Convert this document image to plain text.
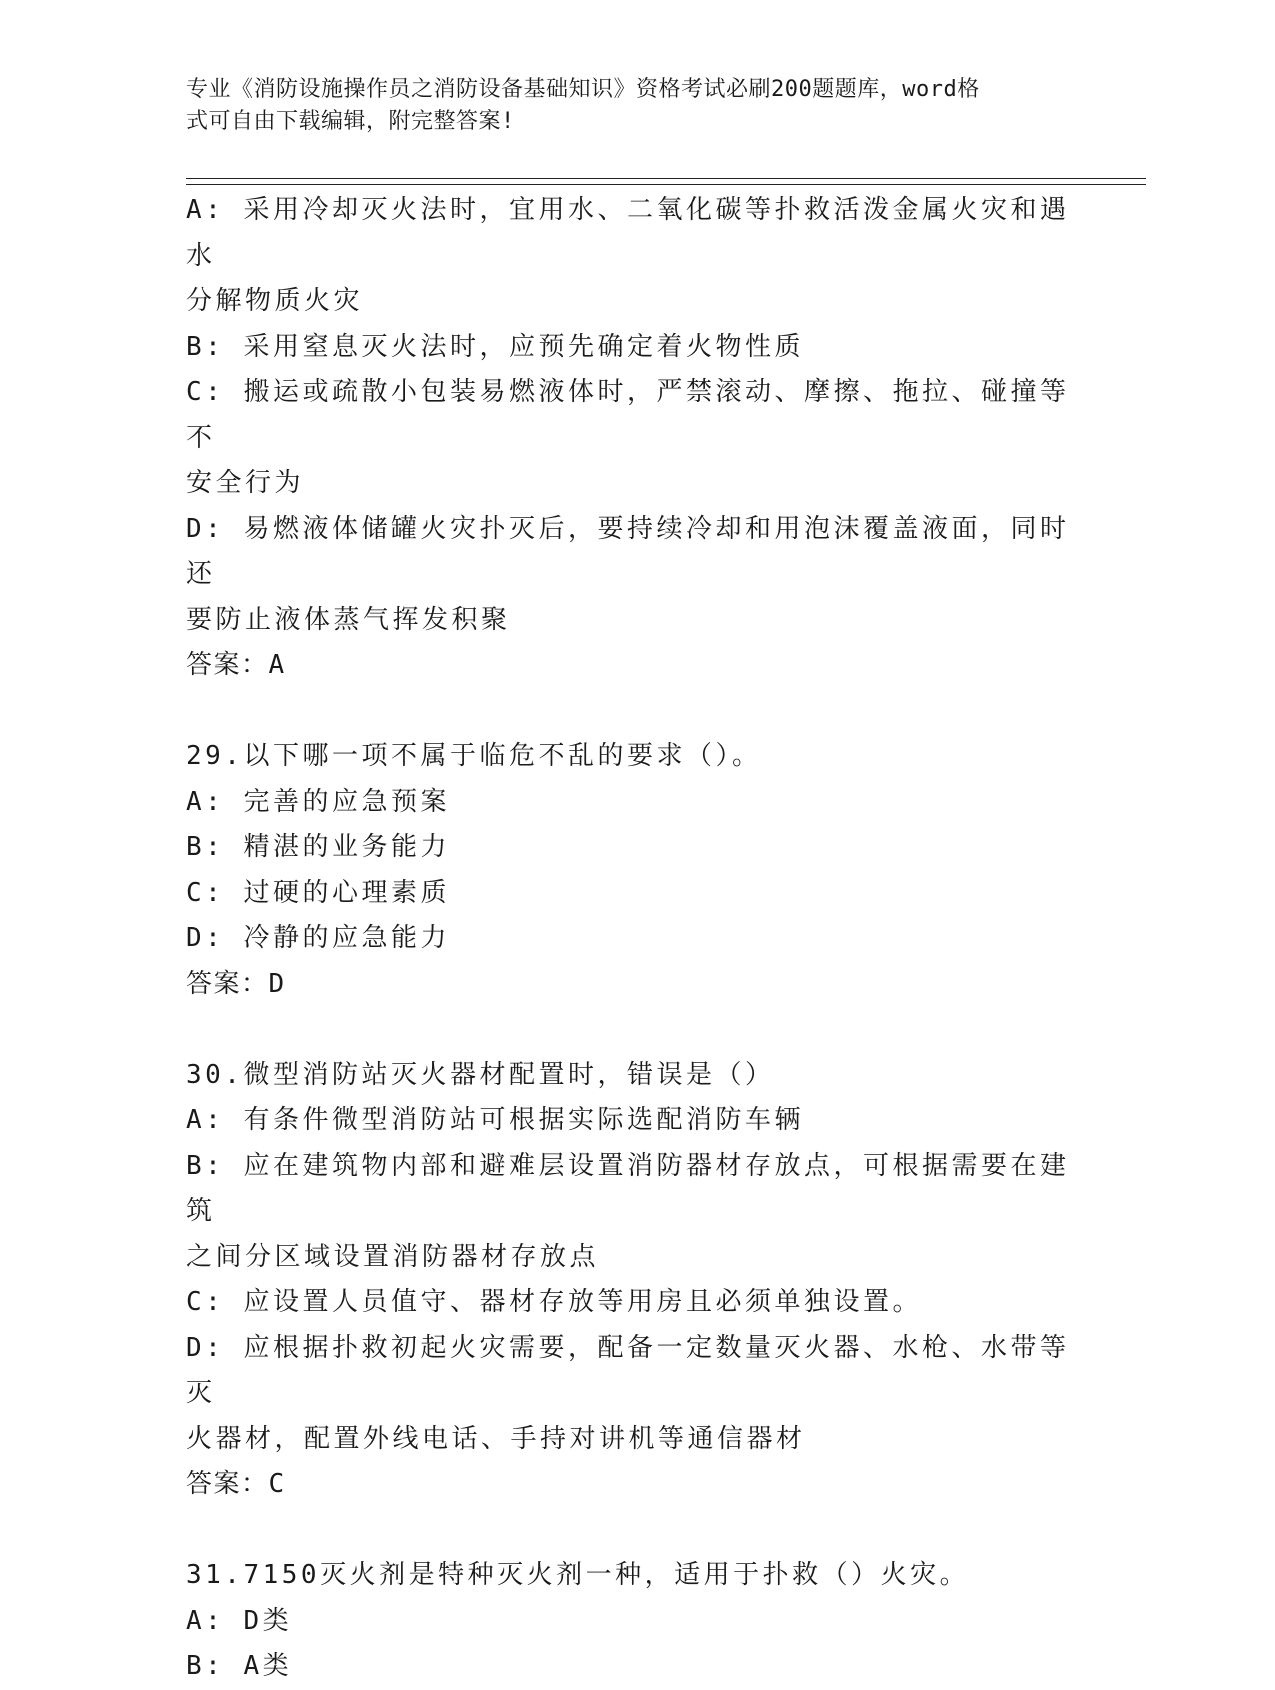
专业《消防设施操作员之消防设备基础知识》资格考试必刷200题题库，word格
式可自由下载编辑，附完整答案!
A: 采用冷却灭火法时，宜用水、二氧化碳等扑救活泼金属火灾和遇水
分解物质火灾
B: 采用窒息灭火法时，应预先确定着火物性质
C: 搬运或疏散小包装易燃液体时，严禁滚动、摩擦、拖拉、碰撞等不
安全行为
D: 易燃液体储罐火灾扑灭后，要持续冷却和用泡沫覆盖液面，同时还
要防止液体蒸气挥发积聚
答案：A
29.以下哪一项不属于临危不乱的要求（）。
A: 完善的应急预案
B: 精湛的业务能力
C: 过硬的心理素质
D: 冷静的应急能力
答案：D
30.微型消防站灭火器材配置时，错误是（）
A: 有条件微型消防站可根据实际选配消防车辆
B: 应在建筑物内部和避难层设置消防器材存放点，可根据需要在建筑
之间分区域设置消防器材存放点
C: 应设置人员值守、器材存放等用房且必须单独设置。
D: 应根据扑救初起火灾需要，配备一定数量灭火器、水枪、水带等灭
火器材，配置外线电话、手持对讲机等通信器材
答案：C
31.7150灭火剂是特种灭火剂一种，适用于扑救（）火灾。
A: D类
B: A类
